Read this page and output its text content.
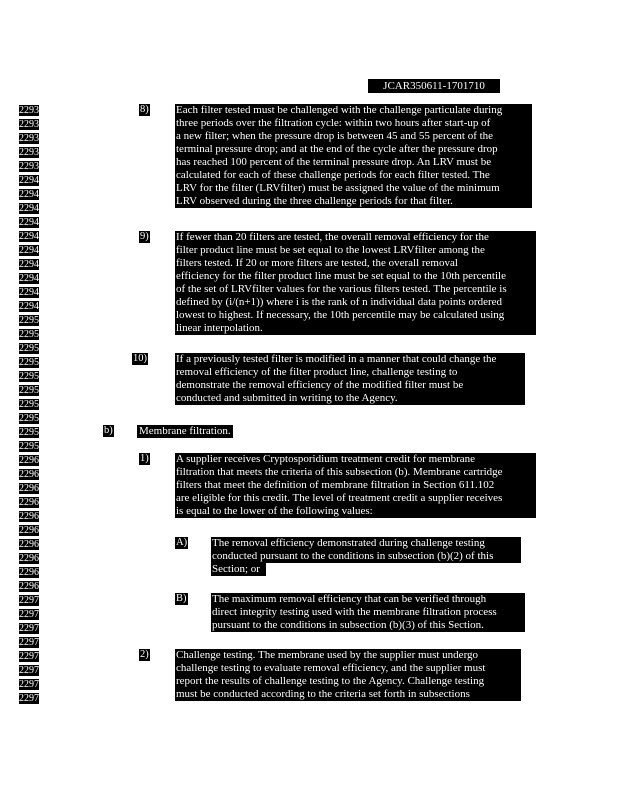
JCAR350611-1701710
22935
22936
22937
22938
22939
22940
22941
22942
22943
22944
22945
22946
22947
22948
22949
22950
22951
22952
22953
22954
22955
22956
22957
22958
22959
22960
22961
22962
22963
22964
22965
22966
22967
22968
22969
22970
22971
22972
22973
22974
22975
22976
22977
8) Each filter tested must be challenged with the challenge particulate during
three periods over the filtration cycle: within two hours after start-up of
a new filter; when the pressure drop is between 45 and 55 percent of the
terminal pressure drop; and at the end of the cycle after the pressure drop
has reached 100 percent of the terminal pressure drop. An LRV must be
calculated for each of these challenge periods for each filter tested. The
LRV for the filter (LRVfilter) must be assigned the value of the minimum
LRV observed during the three challenge periods for that filter.
9) If fewer than 20 filters are tested, the overall removal efficiency for the
filter product line must be set equal to the lowest LRVfilter among the
filters tested. If 20 or more filters are tested, the overall removal
efficiency for the filter product line must be set equal to the 10th percentile
of the set of LRVfilter values for the various filters tested. The percentile is
defined by (i/(n+1)) where i is the rank of n individual data points ordered
lowest to highest. If necessary, the 10th percentile may be calculated using
linear interpolation.
10)	If a previously tested filter is modified in a manner that could change the
removal efficiency of the filter product line, challenge testing to
demonstrate the removal efficiency of the modified filter must be
conducted and submitted in writing to the Agency.
b) Membrane filtration.
1) A supplier receives Cryptosporidium treatment credit for membrane
filtration that meets the criteria of this subsection (b). Membrane cartridge
filters that meet the definition of membrane filtration in Section 611.102
are eligible for this credit. The level of treatment credit a supplier receives
is equal to the lower of the following values:
A) The removal efficiency demonstrated during challenge testing
conducted pursuant to the conditions in subsection (b)(2) of this
Section; or
B) The maximum removal efficiency that can be verified through
direct integrity testing used with the membrane filtration process
pursuant to the conditions in subsection (b)(3) of this Section.
2) Challenge testing. The membrane used by the supplier must undergo
challenge testing to evaluate removal efficiency, and the supplier must
report the results of challenge testing to the Agency. Challenge testing
must be conducted according to the criteria set forth in subsections
